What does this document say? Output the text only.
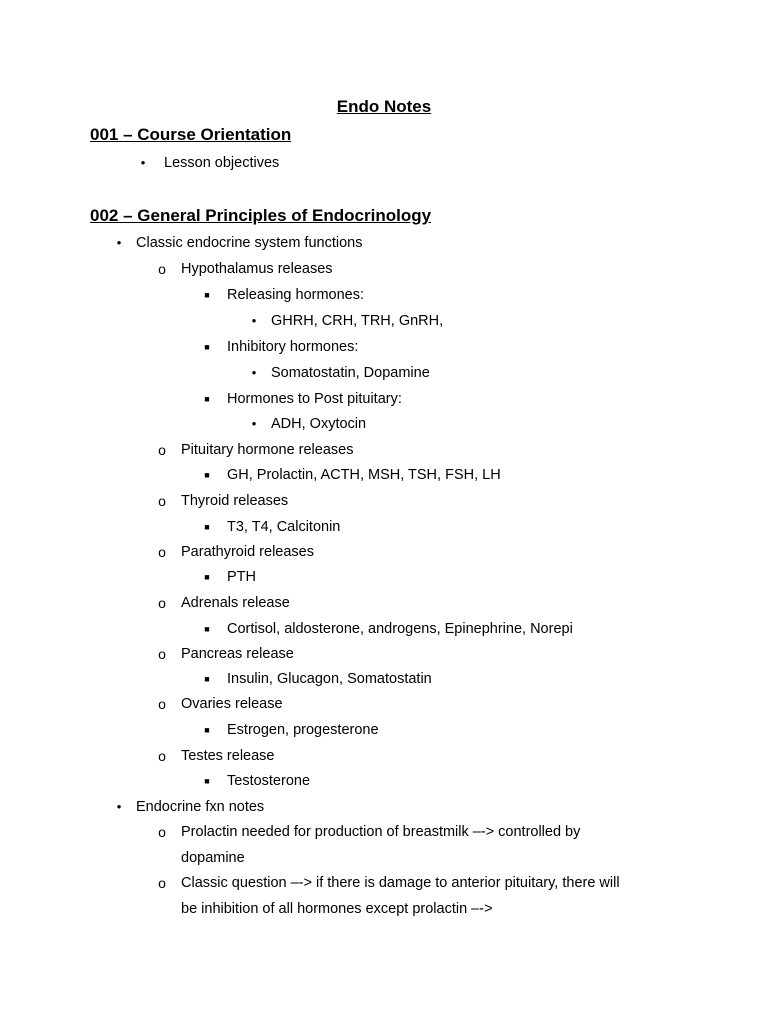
Endo Notes
001 – Course Orientation
•	Lesson objectives
002 – General Principles of Endocrinology
•	Classic endocrine system functions
o Hypothalamus releases
■ Releasing hormones:
•	GHRH, CRH, TRH, GnRH,
■ Inhibitory hormones:
•	Somatostatin, Dopamine
■ Hormones to Post pituitary:
•	ADH, Oxytocin
o Pituitary hormone releases
■ GH, Prolactin, ACTH, MSH, TSH, FSH, LH
o Thyroid releases
■ T3, T4, Calcitonin
o Parathyroid releases
■ PTH
o Adrenals release
■ Cortisol, aldosterone, androgens, Epinephrine, Norepi
o Pancreas release
■ Insulin, Glucagon, Somatostatin
o Ovaries release
■ Estrogen, progesterone
o Testes release
■ Testosterone
•	Endocrine fxn notes
o Prolactin needed for production of breastmilk –-> controlled by
dopamine
o Classic question –-> if there is damage to anterior pituitary, there will
be inhibition of all hormones except prolactin –->
